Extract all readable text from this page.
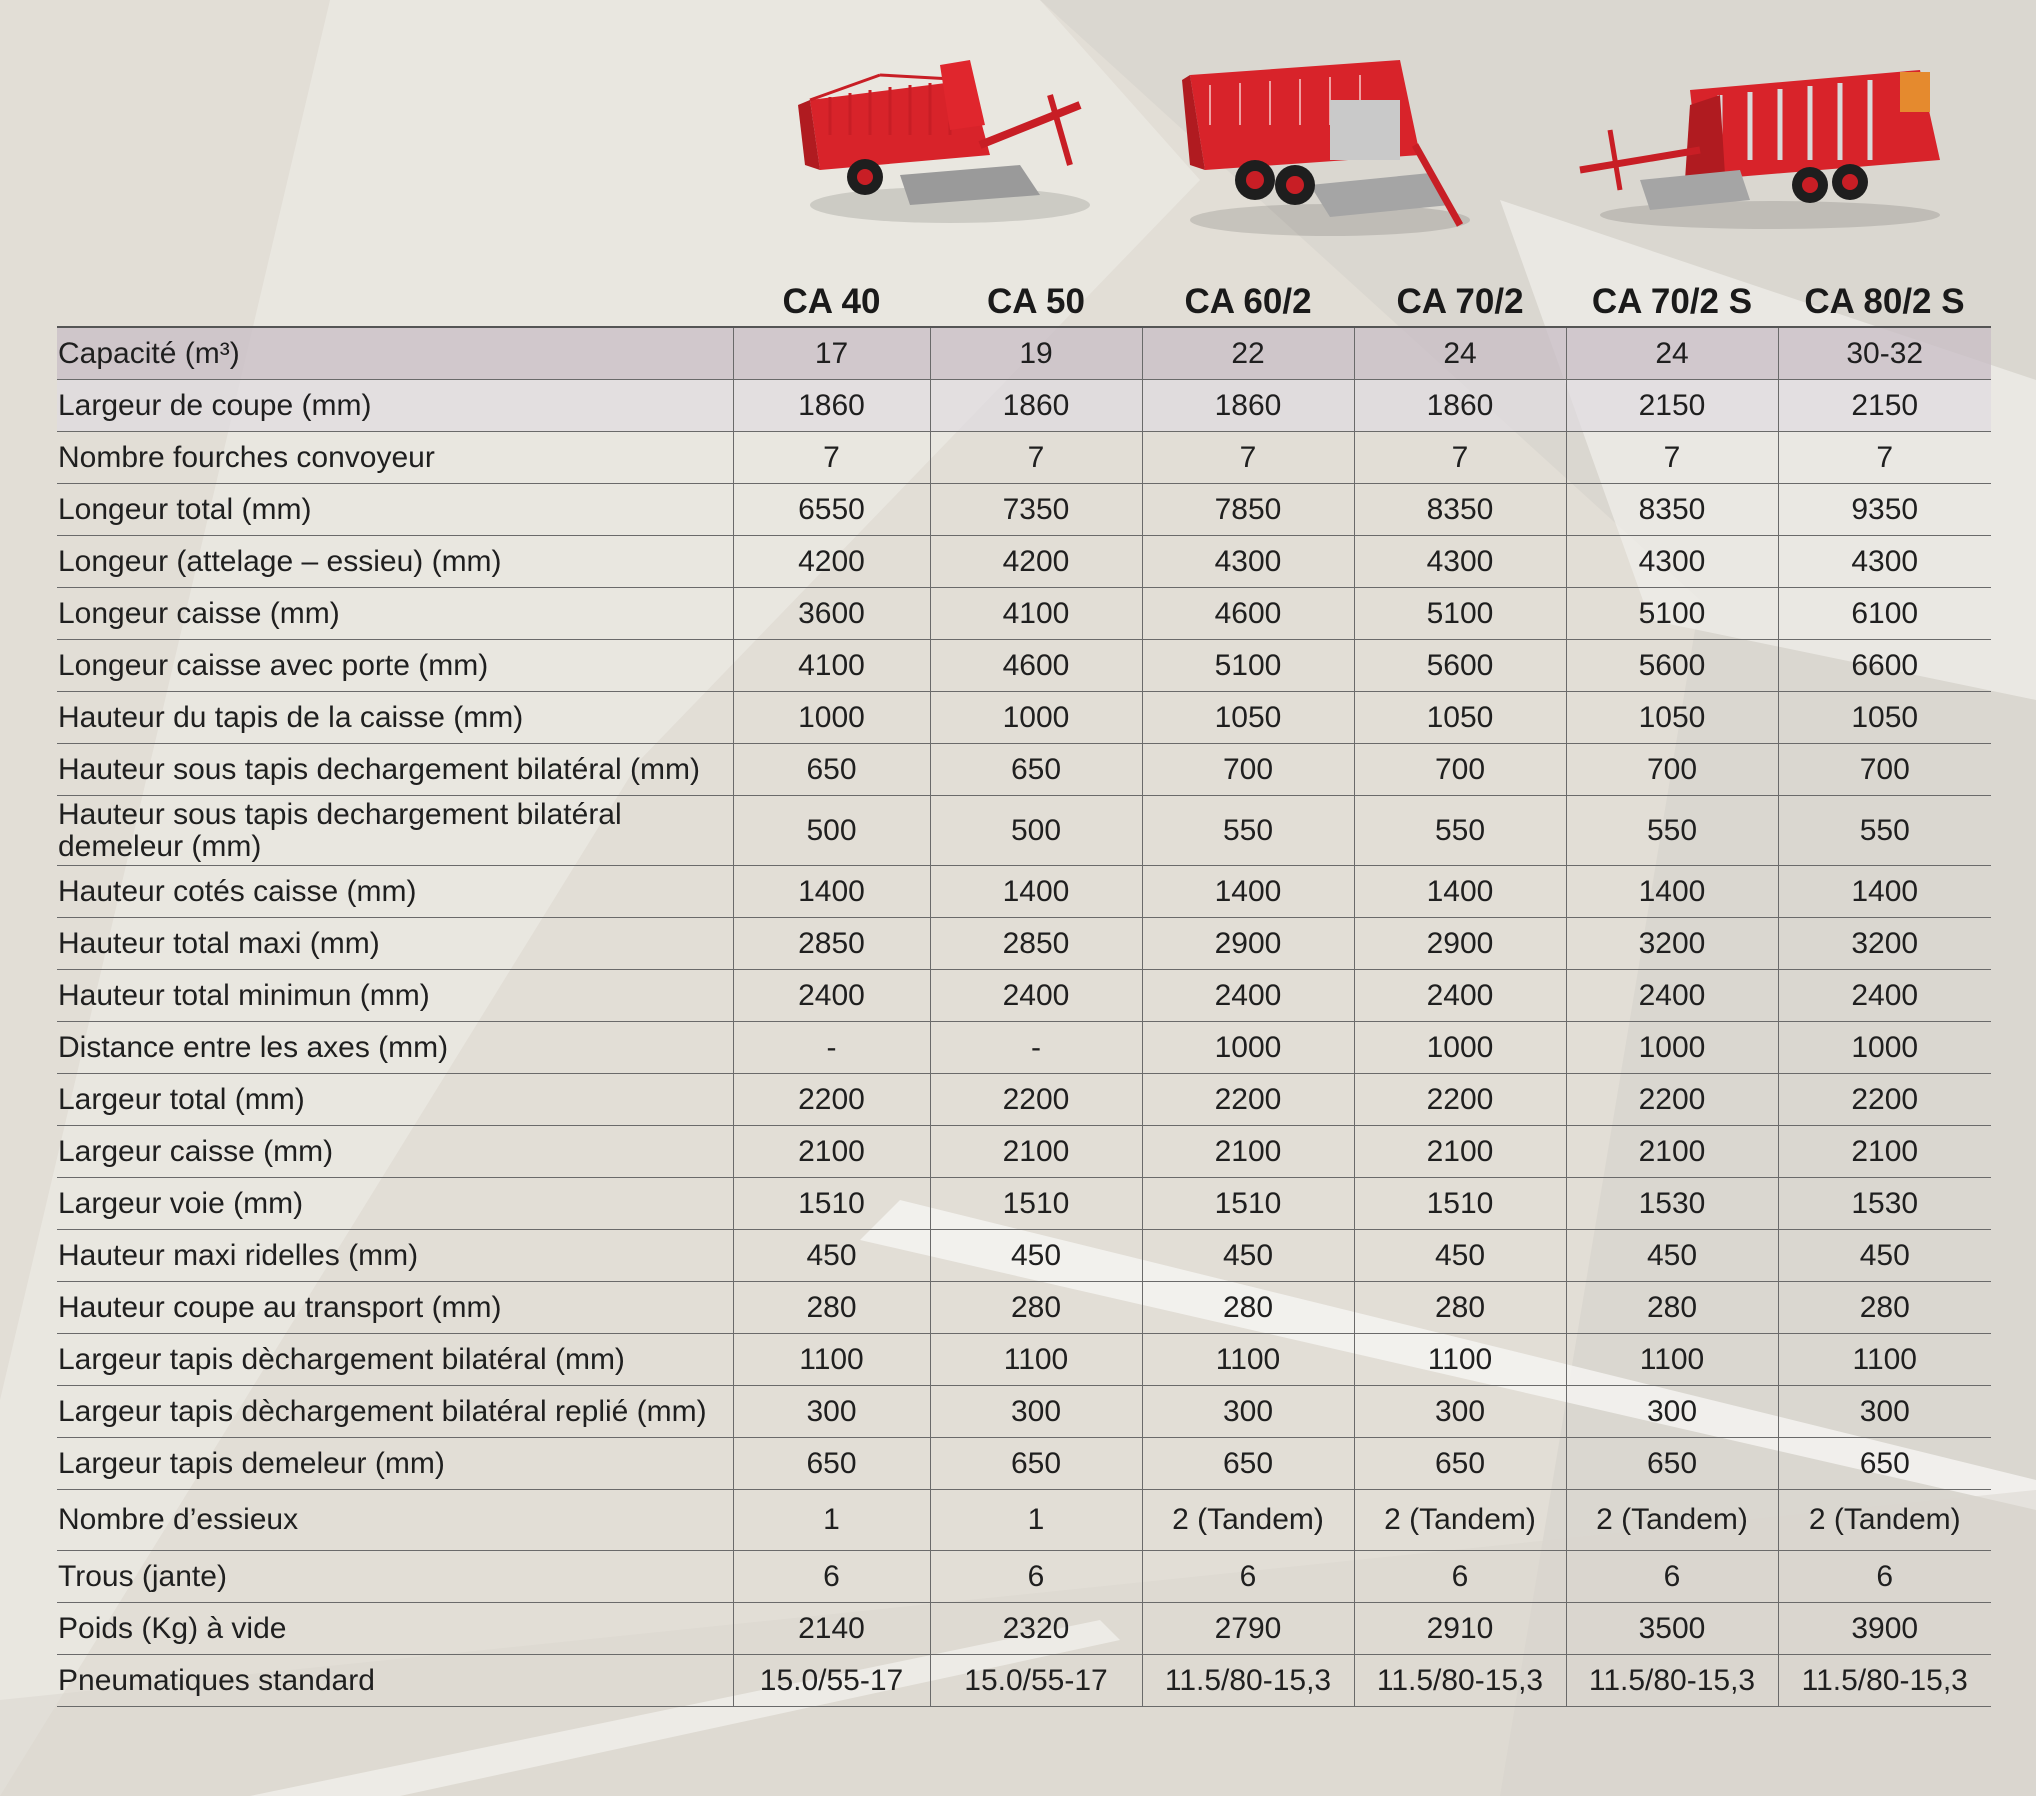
	CA 40	CA 50	CA 60/2	CA 70/2	CA 70/2 S	CA 80/2 S
Capacité (m³)	17	19	22	24	24	30-32
Largeur de coupe (mm)	1860	1860	1860	1860	2150	2150
Nombre fourches convoyeur	7	7	7	7	7	7
Longeur total (mm)	6550	7350	7850	8350	8350	9350
Longeur (attelage – essieu) (mm)	4200	4200	4300	4300	4300	4300
Longeur caisse (mm)	3600	4100	4600	5100	5100	6100
Longeur caisse avec porte (mm)	4100	4600	5100	5600	5600	6600
Hauteur du tapis de la caisse (mm)	1000	1000	1050	1050	1050	1050
Hauteur sous tapis dechargement bilatéral (mm)	650	650	700	700	700	700
Hauteur sous tapis dechargement bilatéral demeleur (mm)	500	500	550	550	550	550
Hauteur cotés caisse (mm)	1400	1400	1400	1400	1400	1400
Hauteur total maxi (mm)	2850	2850	2900	2900	3200	3200
Hauteur total minimun (mm)	2400	2400	2400	2400	2400	2400
Distance entre les axes (mm)	-	-	1000	1000	1000	1000
Largeur total (mm)	2200	2200	2200	2200	2200	2200
Largeur caisse (mm)	2100	2100	2100	2100	2100	2100
Largeur voie (mm)	1510	1510	1510	1510	1530	1530
Hauteur maxi ridelles (mm)	450	450	450	450	450	450
Hauteur coupe au transport (mm)	280	280	280	280	280	280
Largeur tapis dèchargement bilatéral (mm)	1100	1100	1100	1100	1100	1100
Largeur tapis dèchargement bilatéral replié (mm)	300	300	300	300	300	300
Largeur tapis demeleur (mm)	650	650	650	650	650	650
Nombre d’essieux	1	1	2 (Tandem)	2 (Tandem)	2 (Tandem)	2 (Tandem)
Trous (jante)	6	6	6	6	6	6
Poids (Kg) à vide	2140	2320	2790	2910	3500	3900
Pneumatiques standard	15.0/55-17	15.0/55-17	11.5/80-15,3	11.5/80-15,3	11.5/80-15,3	11.5/80-15,3
